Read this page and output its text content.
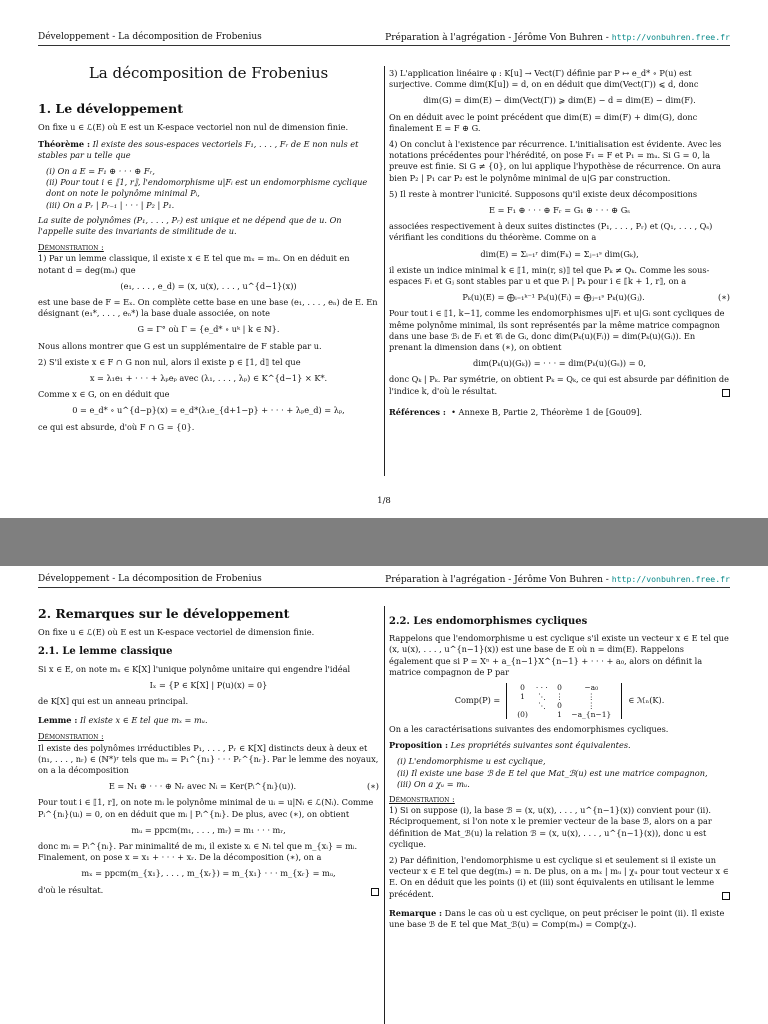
Développement - La décomposition de Frobenius	Préparation à l'agrégation - Jérôme Von Buhren - http://vonbuhren.free.fr
La décomposition de Frobenius
1. Le développement

On fixe u ∈ ℒ(E) où E est un K-espace vectoriel non nul de dimension finie.

Théorème : Il existe des sous-espaces vectoriels F₁, . . . , Fᵣ de E non nuls et stables par u telle que

(i) On a E = F₁ ⊕ · · · ⊕ Fᵣ,
(ii) Pour tout i ∈ ⟦1, r⟧, l'endomorphisme u|Fᵢ est un endomorphisme cyclique dont on note le polynôme minimal Pᵢ,
(iii) On a Pᵣ | Pᵣ₋₁ | · · · | P₂ | P₁.

La suite de polynômes (P₁, . . . , Pᵣ) est unique et ne dépend que de u. On l'appelle suite des invariants de similitude de u.

Démonstration :

1) Par un lemme classique, il existe x ∈ E tel que mₓ = mᵤ. On en déduit en notant d = deg(mᵤ) que

(e₁, . . . , e_d) = (x, u(x), . . . , u^{d−1}(x))

est une base de F = Eₓ. On complète cette base en une base (e₁, . . . , eₙ) de E. En désignant (e₁*, . . . , eₙ*) la base duale associée, on note

G = Γ° où Γ = {e_d* ∘ uᵏ | k ∈ ℕ}.

Nous allons montrer que G est un supplémentaire de F stable par u.

2) S'il existe x ∈ F ∩ G non nul, alors il existe p ∈ ⟦1, d⟧ tel que

x = λ₁e₁ + · · · + λₚeₚ avec (λ₁, . . . , λₚ) ∈ K^{d−1} × K*.

Comme x ∈ G, on en déduit que

0 = e_d* ∘ u^{d−p}(x) = e_d*(λ₁e_{d+1−p} + · · · + λₚe_d) = λₚ,

ce qui est absurde, d'où F ∩ G = {0}.

3) L'application linéaire φ : K[u] → Vect(Γ) définie par P ↦ e_d* ∘ P(u) est surjective. Comme dim(K[u]) = d, on en déduit que dim(Vect(Γ)) ⩽ d, donc

dim(G) = dim(E) − dim(Vect(Γ)) ⩾ dim(E) − d = dim(E) − dim(F).

On en déduit avec le point précédent que dim(E) = dim(F) + dim(G), donc finalement E = F ⊕ G.

4) On conclut à l'existence par récurrence. L'initialisation est évidente. Avec les notations précédentes pour l'hérédité, on pose F₁ = F et P₁ = mᵤ. Si G = 0, la preuve est finie. Si G ≠ {0}, on lui applique l'hypothèse de récurrence. On aura bien P₂ | P₁ car P₂ est le polynôme minimal de u|G par construction.

5) Il reste à montrer l'unicité. Supposons qu'il existe deux décompositions

E = F₁ ⊕ · · · ⊕ Fᵣ = G₁ ⊕ · · · ⊕ Gₛ

associées respectivement à deux suites distinctes (P₁, . . . , Pᵣ) et (Q₁, . . . , Qₛ) vérifiant les conditions du théorème. Comme on a

dim(E) = Σᵢ₌₁ʳ dim(Fₖ) = Σⱼ₌₁ˢ dim(Gₖ),

il existe un indice minimal k ∈ ⟦1, min(r, s)⟧ tel que Pₖ ≠ Qₖ. Comme les sous-espaces Fᵢ et Gⱼ sont stables par u et que Pᵢ | Pₖ pour i ∈ ⟦k + 1, r⟧, on a

Pₖ(u)(E) = ⨁ᵢ₌₁ᵏ⁻¹ Pₖ(u)(Fᵢ) = ⨁ⱼ₌₁ˢ Pₖ(u)(Gⱼ).	(∗)

Pour tout i ∈ ⟦1, k−1⟧, comme les endomorphismes u|Fᵢ et u|Gᵢ sont cycliques de même polynôme minimal, ils sont représentés par la même matrice compagnon dans une base ℬᵢ de Fᵢ et 𝒞ᵢ de Gᵢ, donc dim(Pₖ(u)(Fᵢ)) = dim(Pₖ(u)(Gᵢ)). En prenant la dimension dans (∗), on obtient

dim(Pₖ(u)(Gₖ)) = · · · = dim(Pₖ(u)(Gₛ)) = 0,

donc Qₖ | Pₖ. Par symétrie, on obtient Pₖ = Qₖ, ce qui est absurde par définition de l'indice k, d'où le résultat.

Références : • Annexe B, Partie 2, Théorème 1 de [Gou09].

1/8
Développement - La décomposition de Frobenius	Préparation à l'agrégation - Jérôme Von Buhren - http://vonbuhren.free.fr
2. Remarques sur le développement

On fixe u ∈ ℒ(E) où E est un K-espace vectoriel de dimension finie.

2.1. Le lemme classique

Si x ∈ E, on note mₓ ∈ K[X] l'unique polynôme unitaire qui engendre l'idéal

Iₓ = {P ∈ K[X] | P(u)(x) = 0}

de K[X] qui est un anneau principal.

Lemme : Il existe x ∈ E tel que mₓ = mᵤ.

Démonstration :

Il existe des polynômes irréductibles P₁, . . . , Pᵣ ∈ K[X] distincts deux à deux et (n₁, . . . , nᵣ) ∈ (ℕ*)ʳ tels que mᵤ = P₁^{n₁} · · · Pᵣ^{nᵣ}. Par le lemme des noyaux, on a la décomposition

E = N₁ ⊕ · · · ⊕ Nᵣ avec Nᵢ = Ker(Pᵢ^{nᵢ}(u)).	(∗)

Pour tout i ∈ ⟦1, r⟧, on note mᵢ le polynôme minimal de uᵢ = u|Nᵢ ∈ ℒ(Nᵢ). Comme Pᵢ^{nᵢ}(uᵢ) = 0, on en déduit que mᵢ | Pᵢ^{nᵢ}. De plus, avec (∗), on obtient

mᵤ = ppcm(m₁, . . . , mᵣ) = m₁ · · · mᵣ,

donc mᵢ = Pᵢ^{nᵢ}. Par minimalité de mᵢ, il existe xᵢ ∈ Nᵢ tel que m_{xᵢ} = mᵢ. Finalement, on pose x = x₁ + · · · + xᵣ. De la décomposition (∗), on a

mₓ = ppcm(m_{x₁}, . . . , m_{xᵣ}) = m_{x₁} · · · m_{xᵣ} = mᵤ,

d'où le résultat.

2.2. Les endomorphismes cycliques

Rappelons que l'endomorphisme u est cyclique s'il existe un vecteur x ∈ E tel que (x, u(x), . . . , u^{n−1}(x)) est une base de E où n = dim(E). Rappelons également que si P = Xⁿ + a_{n−1}X^{n−1} + · · · + a₀, alors on définit la matrice compagnon de P par

Comp(P) =
0	· · ·	0	−a₀
1	⋱	⋮	⋮
	⋱	0	⋮
(0)		1	−a_{n−1}
∈ ℳₙ(K).

On a les caractérisations suivantes des endomorphismes cycliques.

Proposition : Les propriétés suivantes sont équivalentes.

(i) L'endomorphisme u est cyclique,
(ii) Il existe une base ℬ de E tel que Mat_ℬ(u) est une matrice compagnon,
(iii) On a χᵤ = mᵤ.
Démonstration :

1) Si on suppose (i), la base ℬ = (x, u(x), . . . , u^{n−1}(x)) convient pour (ii). Réciproquement, si l'on note x le premier vecteur de la base ℬ, alors on a par définition de Mat_ℬ(u) la relation ℬ = (x, u(x), . . . , u^{n−1}(x)), donc u est cyclique.

2) Par définition, l'endomorphisme u est cyclique si et seulement si il existe un vecteur x ∈ E tel que deg(mₓ) = n. De plus, on a mₓ | mᵤ | χᵤ pour tout vecteur x ∈ E. On en déduit que les points (i) et (iii) sont équivalents en utilisant le lemme précédent.

Remarque : Dans le cas où u est cyclique, on peut préciser le point (ii). Il existe une base ℬ de E tel que Mat_ℬ(u) = Comp(mᵤ) = Comp(χᵤ).
